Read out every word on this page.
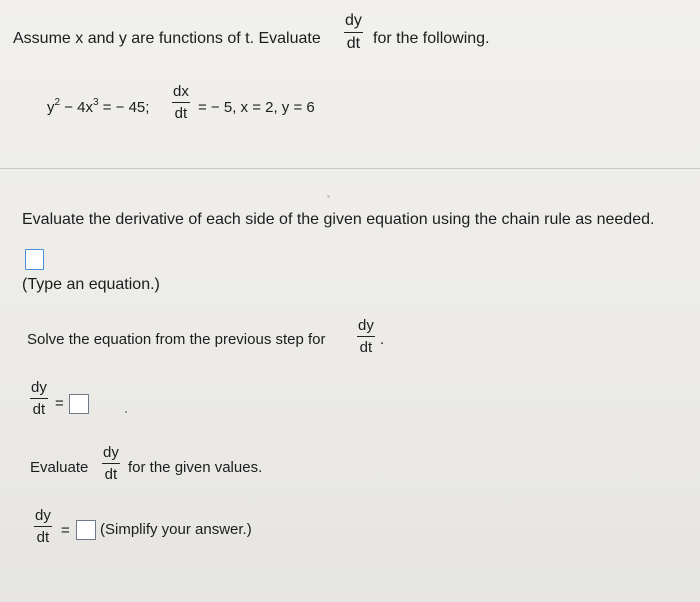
Assume x and y are functions of t. Evaluate
dy
dt for the following.
$y^2 - 4x^3$ = − 45;
dx
dt = − 5, x = 2, y = 6
Evaluate the derivative of each side of the given equation using the chain rule as needed.
(Type an equation.)
Solve the equation from the previous step for
dy
dt .
dy
dt =
Evaluate
dy
dt for the given values.
dy
dt = (Simplify your answer.)
